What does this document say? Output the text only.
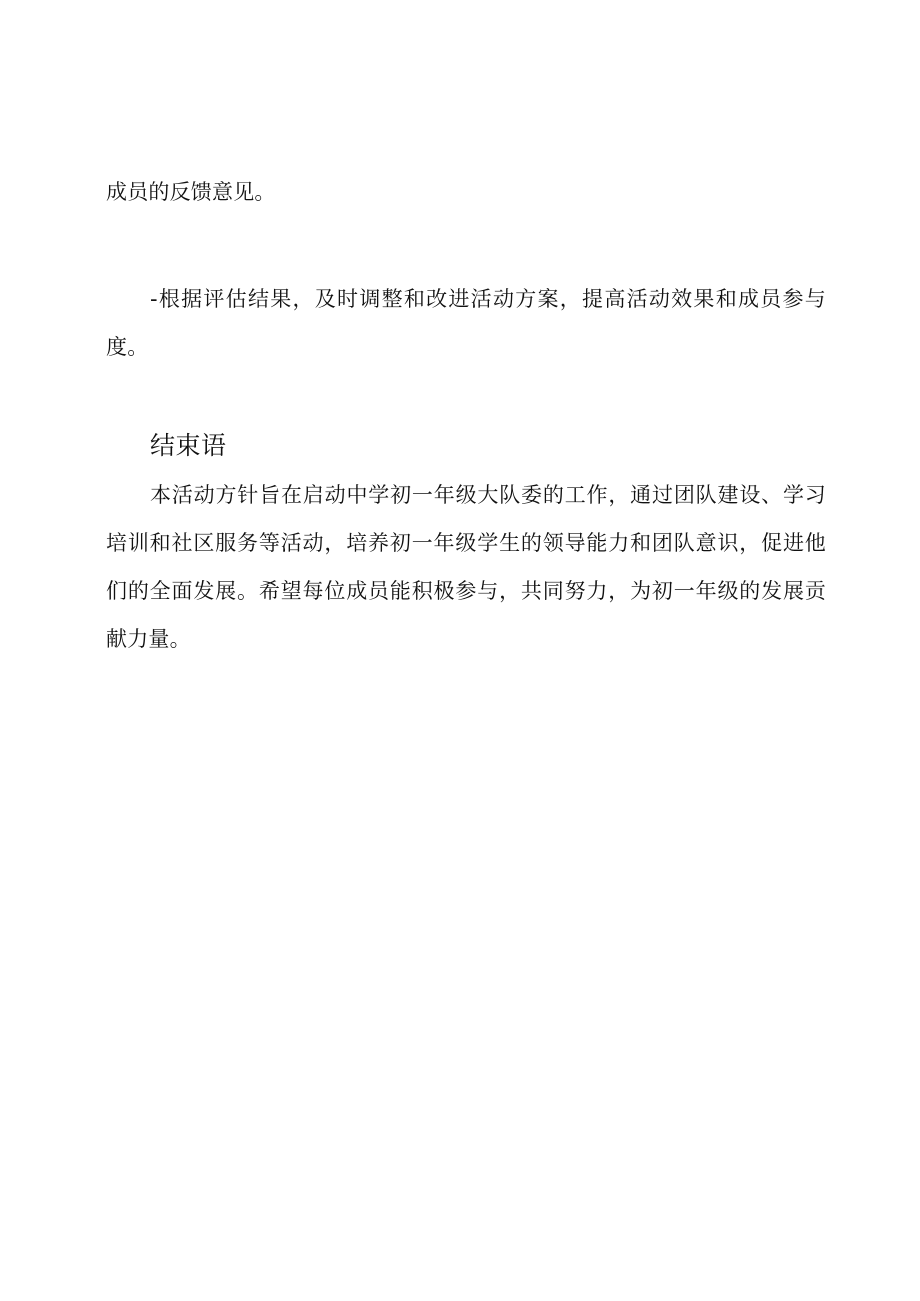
成员的反馈意见。
-根据评估结果，及时调整和改进活动方案，提高活动效果和成员参与
度。
结束语
本活动方针旨在启动中学初一年级大队委的工作，通过团队建设、学习
培训和社区服务等活动，培养初一年级学生的领导能力和团队意识，促进他
们的全面发展。希望每位成员能积极参与，共同努力，为初一年级的发展贡
献力量。
